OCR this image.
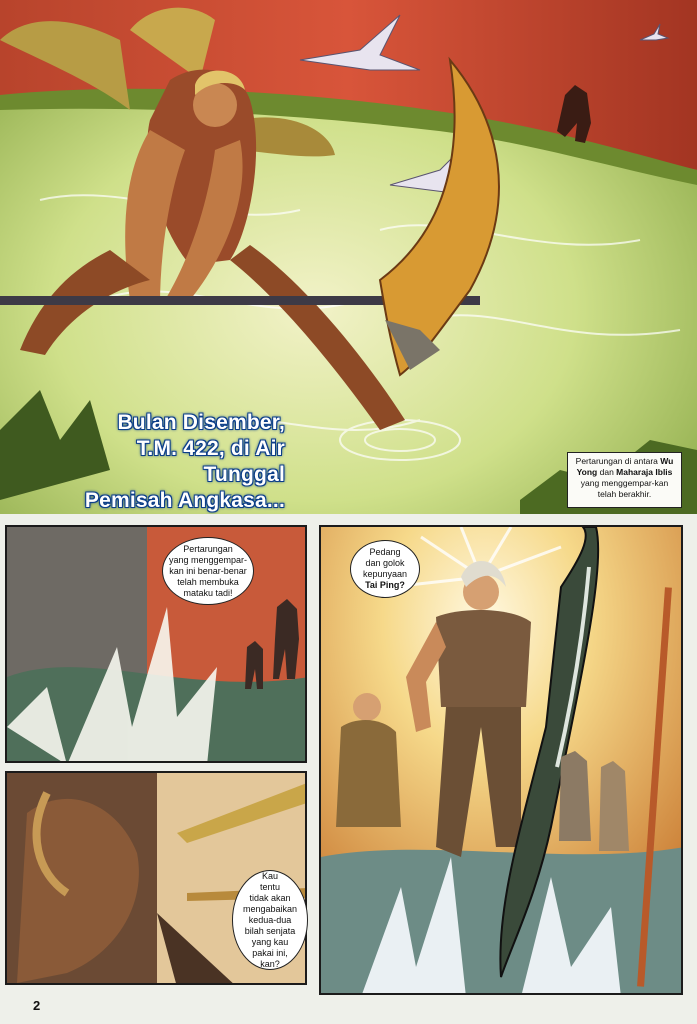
Bulan Disember,
T.M. 422, di Air Tunggal
Pemisah Angkasa...
Pertarungan di antara Wu Yong dan Maharaja Iblis yang menggempar-kan telah berakhir.
Pertarungan
yang menggempar-
kan ini benar-benar
telah membuka
mataku tadi!
Kau
tentu
tidak akan
mengabaikan
kedua-dua
bilah senjata
yang kau
pakai ini,
kan?
Pedang
dan golok
kepunyaan
Tai Ping?
2
